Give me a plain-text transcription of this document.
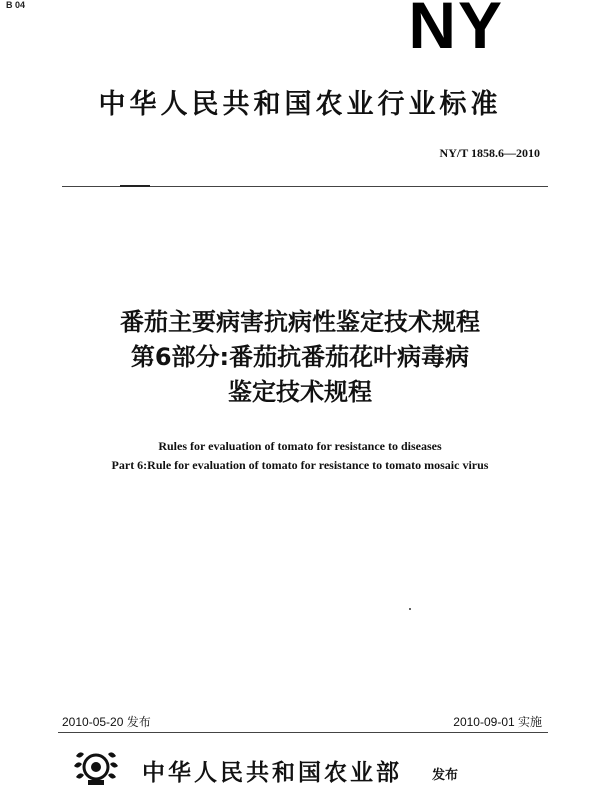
B 04	NY
中华人民共和国农业行业标准
NY/T 1858.6—2010
番茄主要病害抗病性鉴定技术规程
第6部分:番茄抗番茄花叶病毒病
鉴定技术规程
Rules for evaluation of tomato for resistance to diseases
Part 6:Rule for evaluation of tomato for resistance to tomato mosaic virus
2010-05-20 发布	2010-09-01 实施
中华人民共和国农业部 发布
